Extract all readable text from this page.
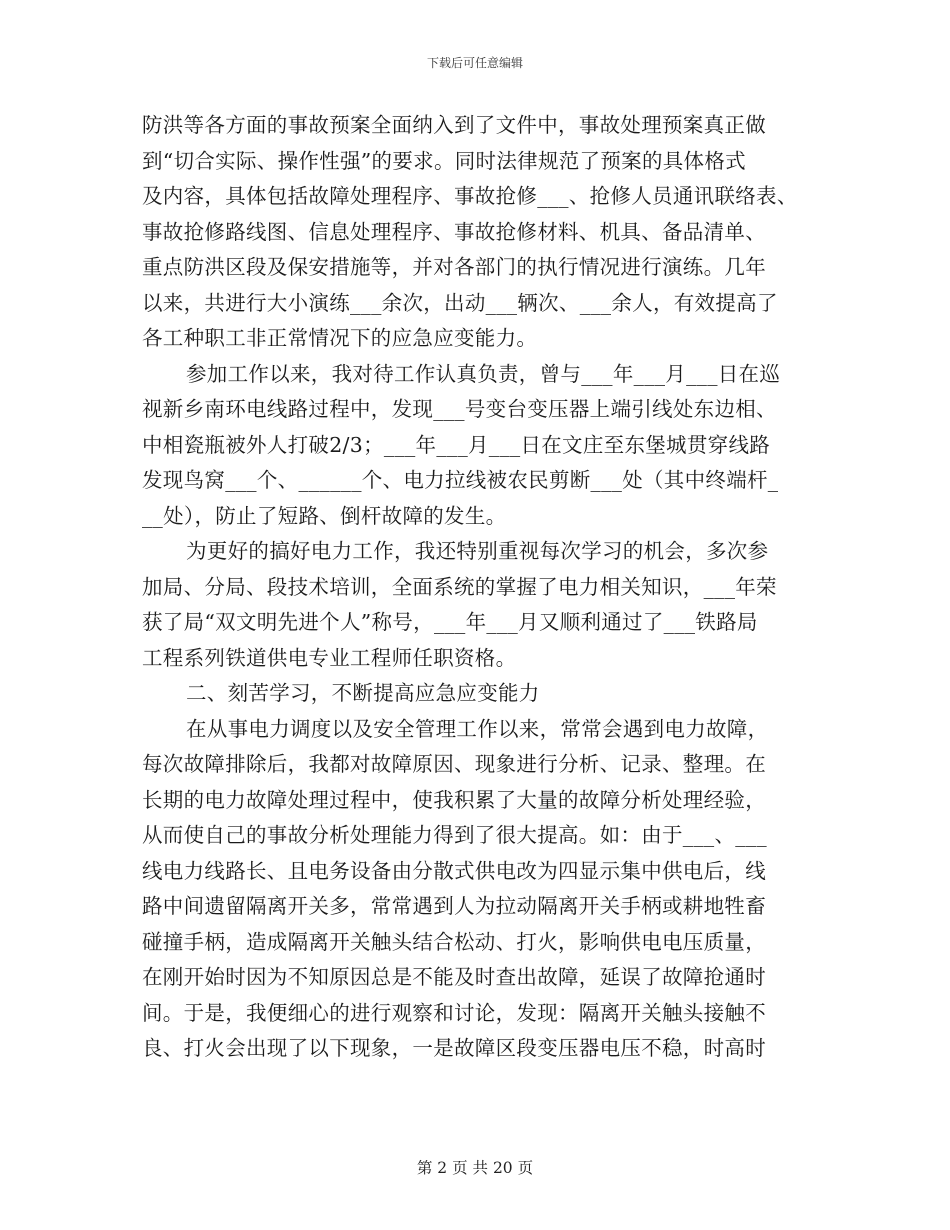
下载后可任意编辑
防洪等各方面的事故预案全面纳入到了文件中，事故处理预案真正做
到“切合实际、操作性强”的要求。同时法律规范了预案的具体格式
及内容，具体包括故障处理程序、事故抢修___、抢修人员通讯联络表、
事故抢修路线图、信息处理程序、事故抢修材料、机具、备品清单、
重点防洪区段及保安措施等，并对各部门的执行情况进行演练。几年
以来，共进行大小演练___余次，出动___辆次、___余人，有效提高了
各工种职工非正常情况下的应急应变能力。
参加工作以来，我对待工作认真负责，曾与___年___月___日在巡
视新乡南环电线路过程中，发现___号变台变压器上端引线处东边相、
中相瓷瓶被外人打破2/3；___年___月___日在文庄至东堡城贯穿线路
发现鸟窝___个、______个、电力拉线被农民剪断___处（其中终端杆_
__处），防止了短路、倒杆故障的发生。
为更好的搞好电力工作，我还特别重视每次学习的机会，多次参
加局、分局、段技术培训，全面系统的掌握了电力相关知识，___年荣
获了局“双文明先进个人”称号，___年___月又顺利通过了___铁路局
工程系列铁道供电专业工程师任职资格。
二、刻苦学习，不断提高应急应变能力
在从事电力调度以及安全管理工作以来，常常会遇到电力故障，
每次故障排除后，我都对故障原因、现象进行分析、记录、整理。在
长期的电力故障处理过程中，使我积累了大量的故障分析处理经验，
从而使自己的事故分析处理能力得到了很大提高。如：由于___、___
线电力线路长、且电务设备由分散式供电改为四显示集中供电后，线
路中间遗留隔离开关多，常常遇到人为拉动隔离开关手柄或耕地牲畜
碰撞手柄，造成隔离开关触头结合松动、打火，影响供电电压质量，
在刚开始时因为不知原因总是不能及时查出故障，延误了故障抢通时
间。于是，我便细心的进行观察和讨论，发现：隔离开关触头接触不
良、打火会出现了以下现象，一是故障区段变压器电压不稳，时高时
第 2 页 共 20 页
